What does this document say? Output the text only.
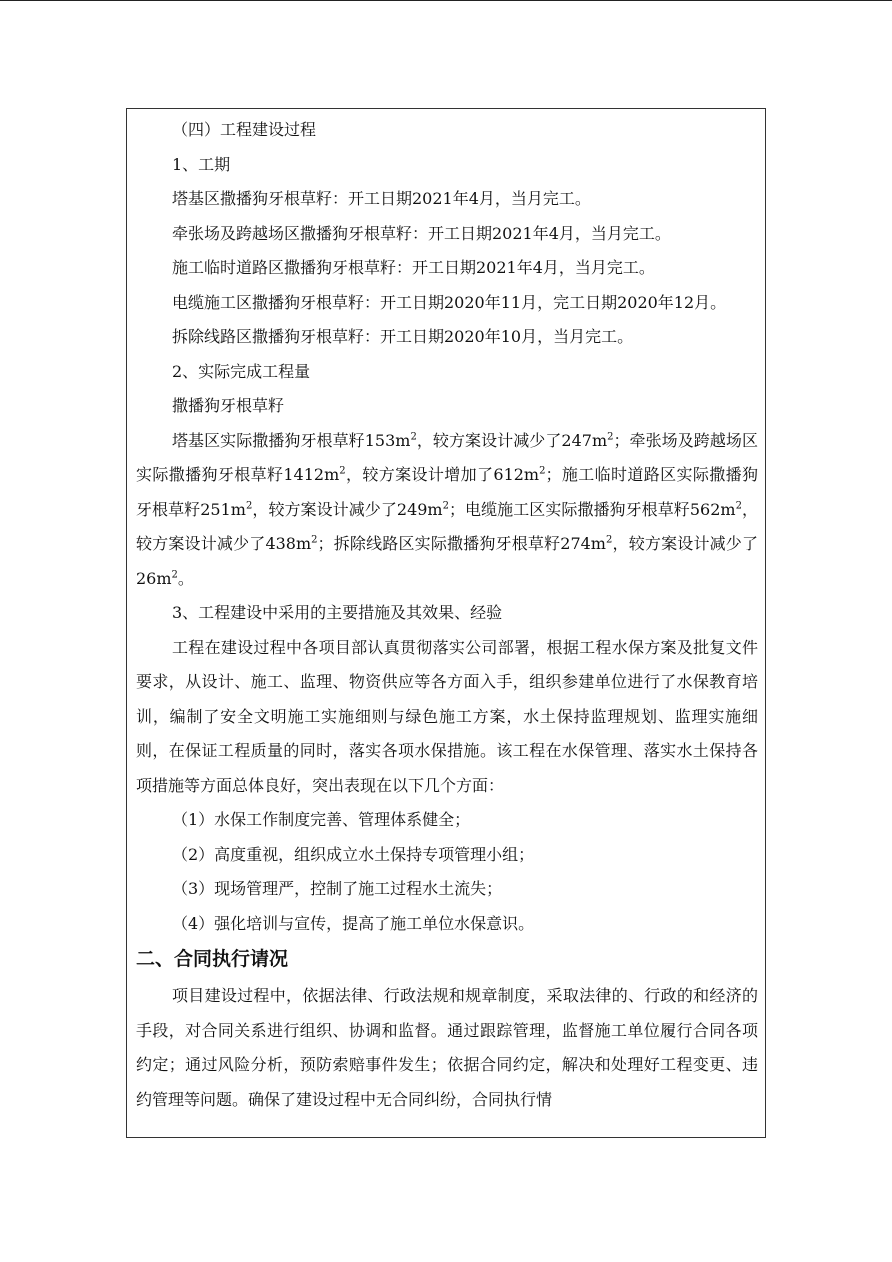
（四）工程建设过程
1、工期
塔基区撒播狗牙根草籽：开工日期2021年4月，当月完工。
牵张场及跨越场区撒播狗牙根草籽：开工日期2021年4月，当月完工。
施工临时道路区撒播狗牙根草籽：开工日期2021年4月，当月完工。
电缆施工区撒播狗牙根草籽：开工日期2020年11月，完工日期2020年12月。
拆除线路区撒播狗牙根草籽：开工日期2020年10月，当月完工。
2、实际完成工程量
撒播狗牙根草籽

塔基区实际撒播狗牙根草籽$153m^2$，较方案设计减少了$247m^2$；牵张场及跨越场区实际撒播狗牙根草籽$1412m^2$，较方案设计增加了$612m^2$；施工临时道路区实际撒播狗牙根草籽$251m^2$，较方案设计减少了$249m^2$；电缆施工区实际撒播狗牙根草籽$562m^2$，较方案设计减少了$438m^2$；拆除线路区实际撒播狗牙根草籽$274m^2$，较方案设计减少了$26m^2$。

3、工程建设中采用的主要措施及其效果、经验

工程在建设过程中各项目部认真贯彻落实公司部署，根据工程水保方案及批复文件要求，从设计、施工、监理、物资供应等各方面入手，组织参建单位进行了水保教育培训，编制了安全文明施工实施细则与绿色施工方案，水土保持监理规划、监理实施细则，在保证工程质量的同时，落实各项水保措施。该工程在水保管理、落实水土保持各项措施等方面总体良好，突出表现在以下几个方面：

（1）水保工作制度完善、管理体系健全；
（2）高度重视，组织成立水土保持专项管理小组；
（3）现场管理严，控制了施工过程水土流失；
（4）强化培训与宣传，提高了施工单位水保意识。
二、合同执行请况

项目建设过程中，依据法律、行政法规和规章制度，采取法律的、行政的和经济的手段，对合同关系进行组织、协调和监督。通过跟踪管理，监督施工单位履行合同各项约定；通过风险分析，预防索赔事件发生；依据合同约定，解决和处理好工程变更、违约管理等问题。确保了建设过程中无合同纠纷，合同执行情
